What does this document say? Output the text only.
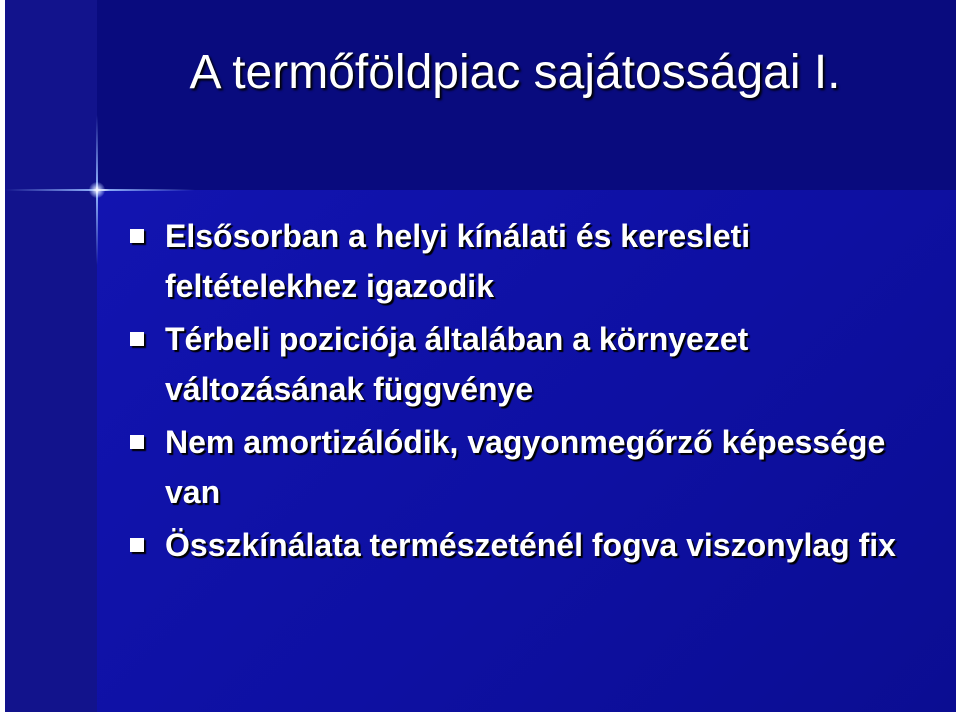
A termőföldpiac sajátosságai I.
Elsősorban a helyi kínálati és keresleti feltételekhez igazodik
Térbeli poziciója általában a környezet változásának függvénye
Nem amortizálódik, vagyonmegőrző képessége van
Összkínálata természeténél fogva viszonylag fix
